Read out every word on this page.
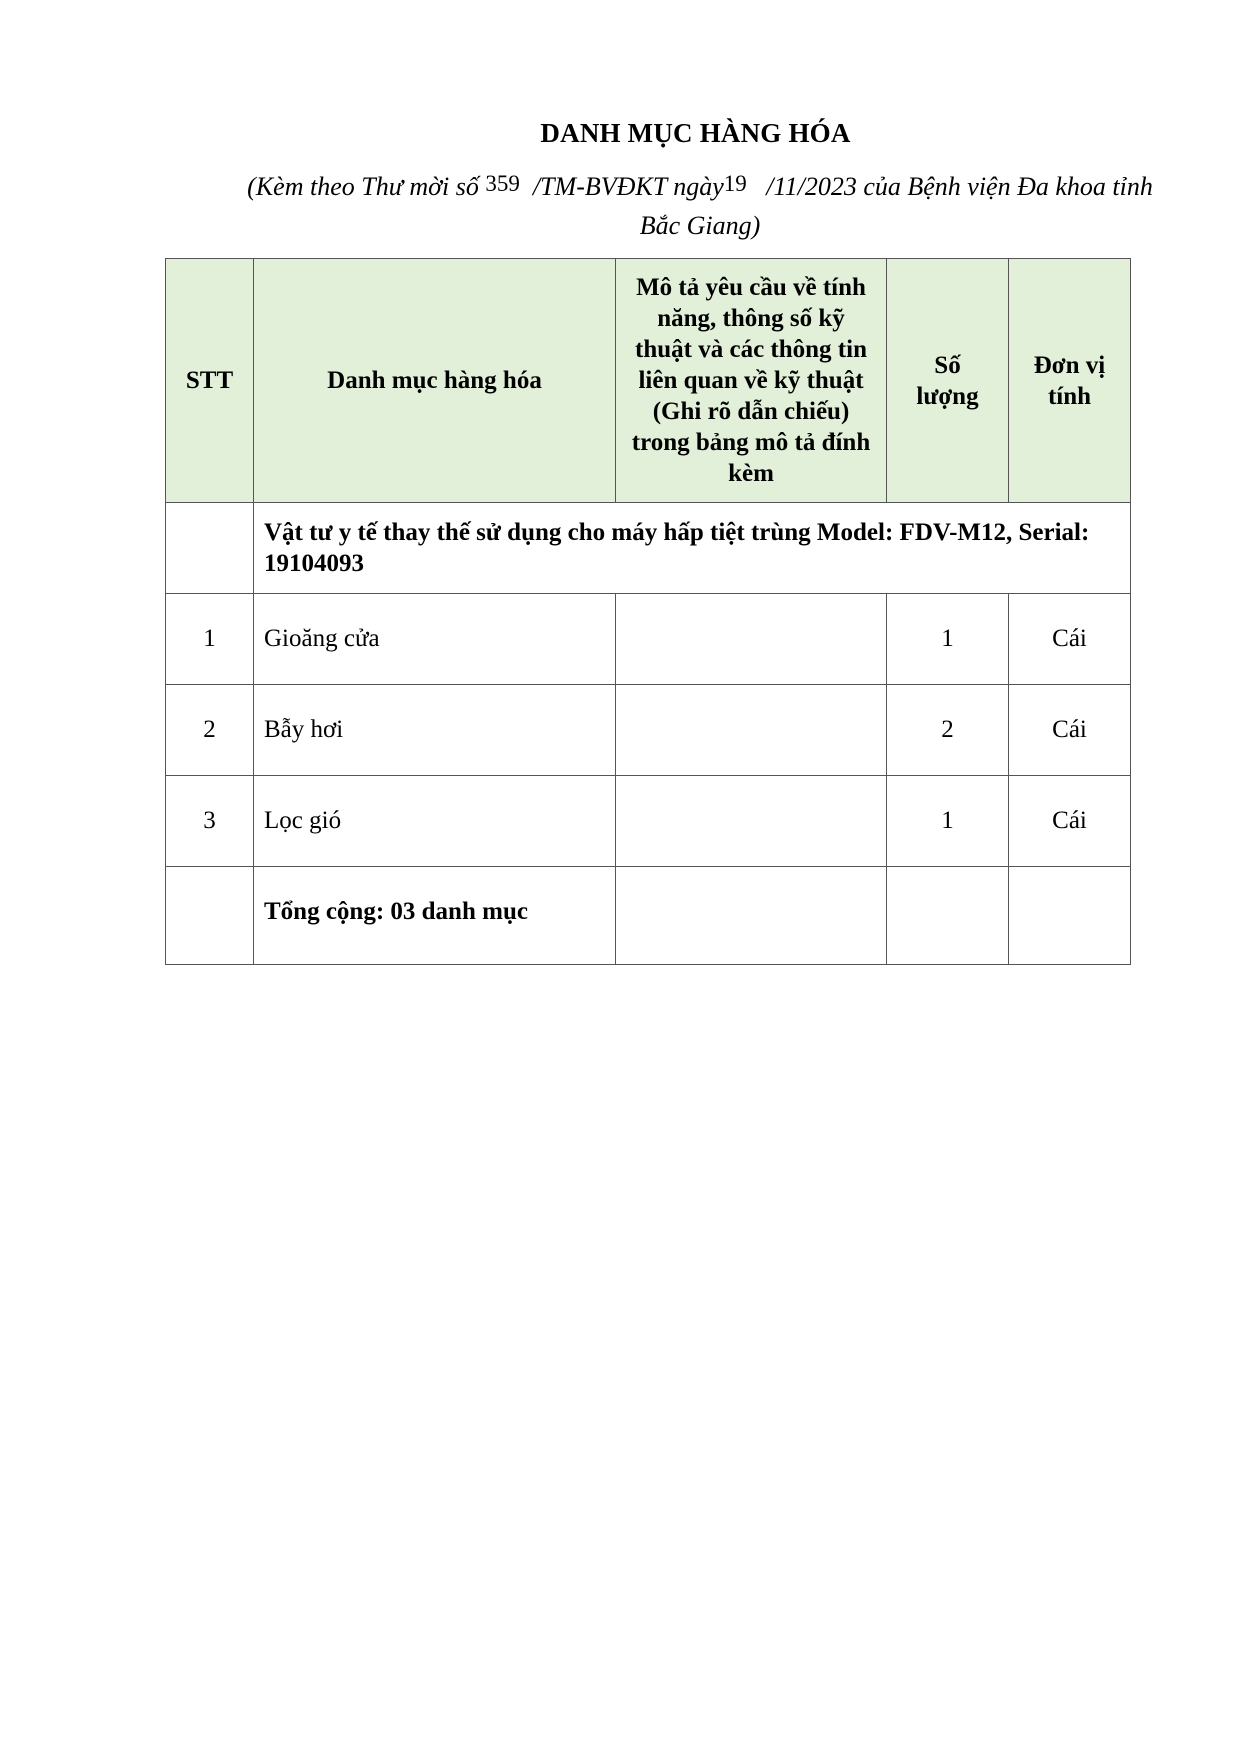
DANH MỤC HÀNG HÓA
(Kèm theo Thư mời số 359 /TM-BVĐKT ngày19 /11/2023 của Bệnh viện Đa khoa tỉnh Bắc Giang)
STT	Danh mục hàng hóa	Mô tả yêu cầu về tính năng, thông số kỹ thuật và các thông tin liên quan về kỹ thuật (Ghi rõ dẫn chiếu) trong bảng mô tả đính kèm	Số lượng	Đơn vị tính
	Vật tư y tế thay thế sử dụng cho máy hấp tiệt trùng Model: FDV-M12, Serial: 19104093			
1	Gioăng cửa		1	Cái
2	Bẫy hơi		2	Cái
3	Lọc gió		1	Cái
	Tổng cộng: 03 danh mục			
